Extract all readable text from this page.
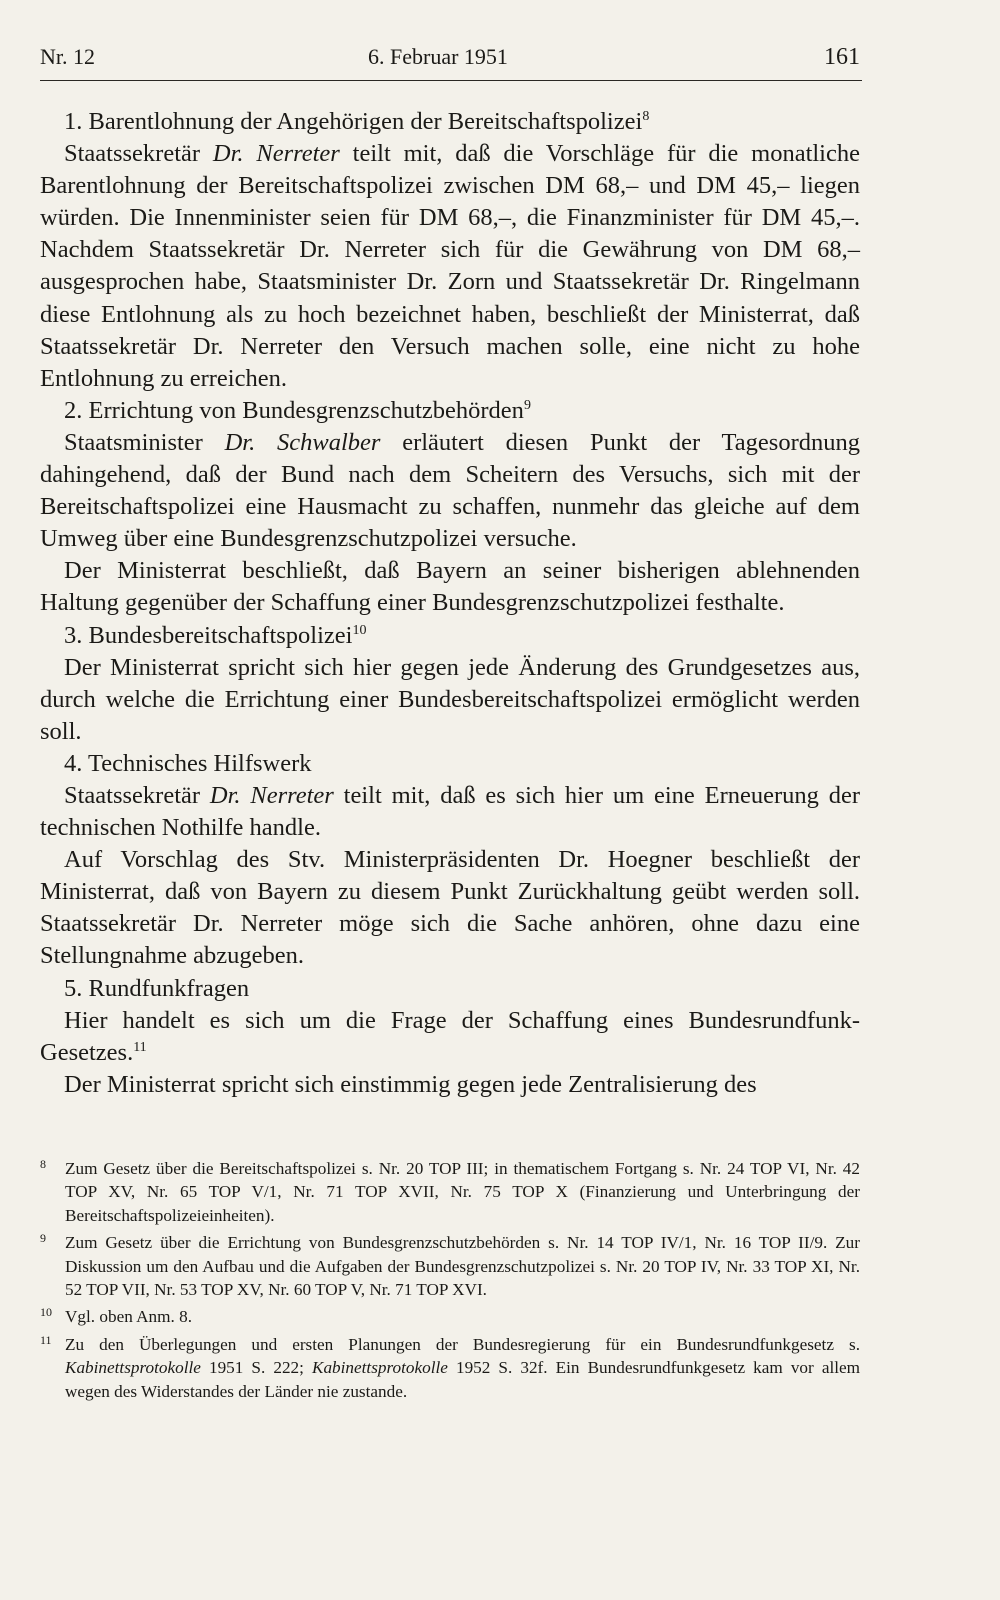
Nr. 12	6. Februar 1951	161

1. Barentlohnung der Angehörigen der Bereitschaftspolizei$^8$

Staatssekretär Dr. Nerreter teilt mit, daß die Vorschläge für die monatliche Barentlohnung der Bereitschaftspolizei zwischen DM 68,– und DM 45,– liegen würden. Die Innenminister seien für DM 68,–, die Finanzminister für DM 45,–. Nachdem Staatssekretär Dr. Nerreter sich für die Gewährung von DM 68,– ausgesprochen habe, Staatsminister Dr. Zorn und Staatssekretär Dr. Ringelmann diese Entlohnung als zu hoch bezeichnet haben, beschließt der Ministerrat, daß Staatssekretär Dr. Nerreter den Versuch machen solle, eine nicht zu hohe Entlohnung zu erreichen.

2. Errichtung von Bundesgrenzschutzbehörden$^9$

Staatsminister Dr. Schwalber erläutert diesen Punkt der Tagesordnung dahingehend, daß der Bund nach dem Scheitern des Versuchs, sich mit der Bereitschaftspolizei eine Hausmacht zu schaffen, nunmehr das gleiche auf dem Umweg über eine Bundesgrenzschutzpolizei versuche.

Der Ministerrat beschließt, daß Bayern an seiner bisherigen ablehnenden Haltung gegenüber der Schaffung einer Bundesgrenzschutzpolizei festhalte.

3. Bundesbereitschaftspolizei$^{10}$

Der Ministerrat spricht sich hier gegen jede Änderung des Grundgesetzes aus, durch welche die Errichtung einer Bundesbereitschaftspolizei ermöglicht werden soll.

4. Technisches Hilfswerk

Staatssekretär Dr. Nerreter teilt mit, daß es sich hier um eine Erneuerung der technischen Nothilfe handle.

Auf Vorschlag des Stv. Ministerpräsidenten Dr. Hoegner beschließt der Ministerrat, daß von Bayern zu diesem Punkt Zurückhaltung geübt werden soll. Staatssekretär Dr. Nerreter möge sich die Sache anhören, ohne dazu eine Stellungnahme abzugeben.

5. Rundfunkfragen

Hier handelt es sich um die Frage der Schaffung eines Bundesrundfunk-Gesetzes.$^{11}$

Der Ministerrat spricht sich einstimmig gegen jede Zentralisierung des

8 Zum Gesetz über die Bereitschaftspolizei s. Nr. 20 TOP III; in thematischem Fortgang s. Nr. 24 TOP VI, Nr. 42 TOP XV, Nr. 65 TOP V/1, Nr. 71 TOP XVII, Nr. 75 TOP X (Finanzierung und Unterbringung der Bereitschaftspolizeieinheiten).
9 Zum Gesetz über die Errichtung von Bundesgrenzschutzbehörden s. Nr. 14 TOP IV/1, Nr. 16 TOP II/9. Zur Diskussion um den Aufbau und die Aufgaben der Bundesgrenzschutzpolizei s. Nr. 20 TOP IV, Nr. 33 TOP XI, Nr. 52 TOP VII, Nr. 53 TOP XV, Nr. 60 TOP V, Nr. 71 TOP XVI.
10 Vgl. oben Anm. 8.
11 Zu den Überlegungen und ersten Planungen der Bundesregierung für ein Bundesrundfunkgesetz s. Kabinettsprotokolle 1951 S. 222; Kabinettsprotokolle 1952 S. 32f. Ein Bundesrundfunkgesetz kam vor allem wegen des Widerstandes der Länder nie zustande.
